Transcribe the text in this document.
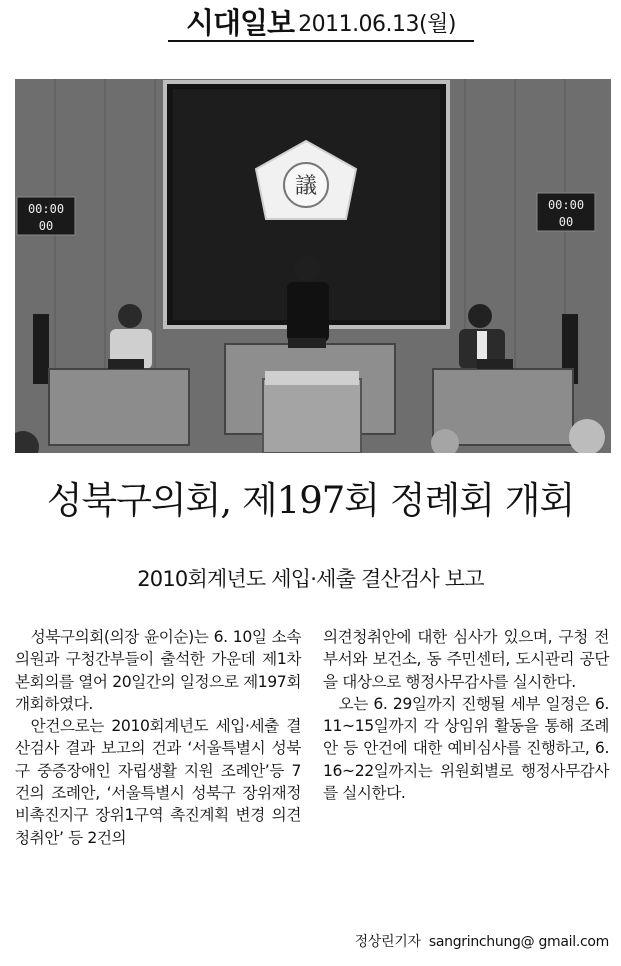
시대일보 2011.06.13(월)
議
00:00
00
00:00
00
성북구의회, 제197회 정례회 개회
2010회계년도 세입·세출 결산검사 보고

성북구의회(의장 윤이순)는 6. 10일 소속의원과 구청간부들이 출석한 가운데 제1차 본회의를 열어 20일간의 일정으로 제197회 개회하였다.

안건으로는 2010회계년도 세입·세출 결산검사 결과 보고의 건과 ‘서울특별시 성북구 중증장애인 자립생활 지원 조례안’등 7건의 조례안, ‘서울특별시 성북구 장위재정비촉진지구 장위1구역 촉진계획 변경 의견청취안’ 등 2건의

의견청취안에 대한 심사가 있으며, 구청 전부서와 보건소, 동 주민센터, 도시관리 공단을 대상으로 행정사무감사를 실시한다.

오는 6. 29일까지 진행될 세부 일정은 6. 11~15일까지 각 상임위 활동을 통해 조례안 등 안건에 대한 예비심사를 진행하고, 6. 16~22일까지는 위원회별로 행정사무감사를 실시한다.

정상린기자 sangrinchung@ gmail.com
